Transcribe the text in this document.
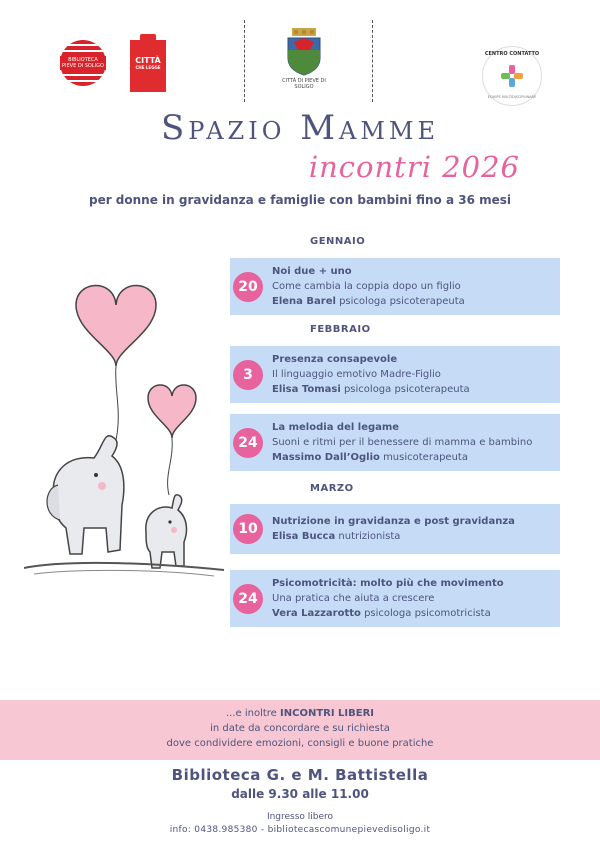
BIBLIOTECA PIEVE DI SOLIGO
CITTÀ
CHE LEGGE
CITTÀ DI PIEVE DI SOLIGO
CENTRO CONTATTO
EQUIPE MULTIDISCIPLINARE
Spazio Mamme
incontri 2026
per donne in gravidanza e famiglie con bambini fino a 36 mesi
GENNAIO
FEBBRAIO
MARZO
20
Noi due + uno
Come cambia la coppia dopo un figlio
Elena Barel psicologa psicoterapeuta
3
Presenza consapevole
Il linguaggio emotivo Madre-Figlio
Elisa Tomasi psicologa psicoterapeuta
24
La melodia del legame
Suoni e ritmi per il benessere di mamma e bambino
Massimo Dall’Oglio musicoterapeuta
10	Nutrizione in gravidanza e post gravidanza
Elisa Bucca nutrizionista
24
Psicomotricità: molto più che movimento
Una pratica che aiuta a crescere
Vera Lazzarotto psicologa psicomotricista
...e inoltre INCONTRI LIBERI
in date da concordare e su richiesta
dove condividere emozioni, consigli e buone pratiche
Biblioteca G. e M. Battistella
dalle 9.30 alle 11.00
Ingresso libero
info: 0438.985380 - bibliotecascomunepievedisoligo.it
